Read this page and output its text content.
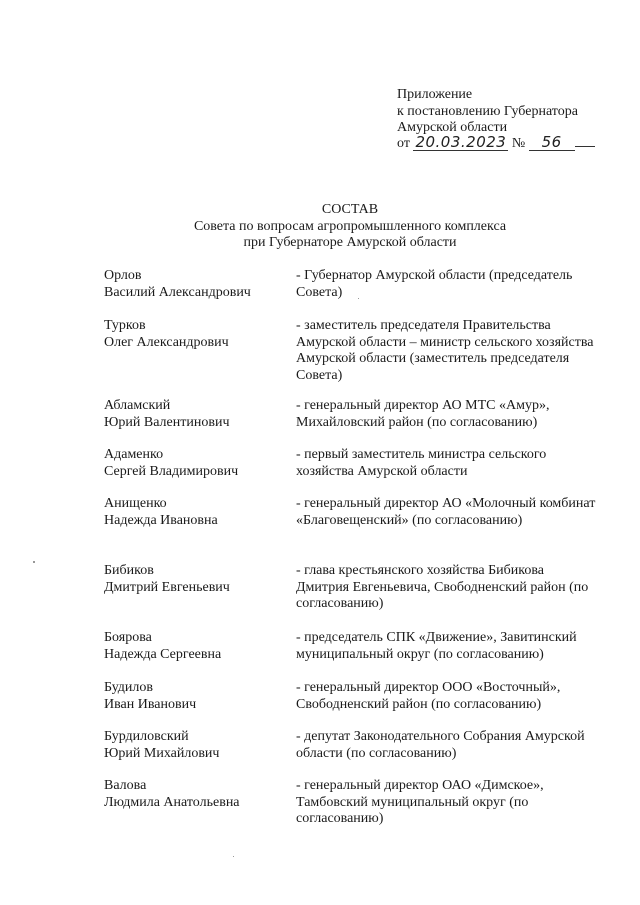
Приложение
к постановлению Губернатора
Амурской области
от 20.03.2023 № 56
СОСТАВ
Совета по вопросам агропромышленного комплекса
при Губернаторе Амурской области
Орлов
Василий Александрович
- Губернатор Амурской области (председатель Совета)
Турков
Олег Александрович
- заместитель председателя Правительства Амурской области – министр сельского хозяйства Амурской области (заместитель председателя Совета)
Абламский
Юрий Валентинович
- генеральный директор АО МТС «Амур», Михайловский район (по согласованию)
Адаменко
Сергей Владимирович
- первый заместитель министра сельского хозяйства Амурской области
Анищенко
Надежда Ивановна
- генеральный директор АО «Молочный комбинат «Благовещенский» (по согласованию)
Бибиков
Дмитрий Евгеньевич
- глава крестьянского хозяйства Бибикова Дмитрия Евгеньевича, Свободненский район (по согласованию)
Боярова
Надежда Сергеевна
- председатель СПК «Движение», Завитинский муниципальный округ (по согласованию)
Будилов
Иван Иванович
- генеральный директор ООО «Восточный», Свободненский район (по согласованию)
Бурдиловский
Юрий Михайлович
- депутат Законодательного Собрания Амурской области (по согласованию)
Валова
Людмила Анатольевна
- генеральный директор ОАО «Димское», Тамбовский муниципальный округ (по согласованию)
